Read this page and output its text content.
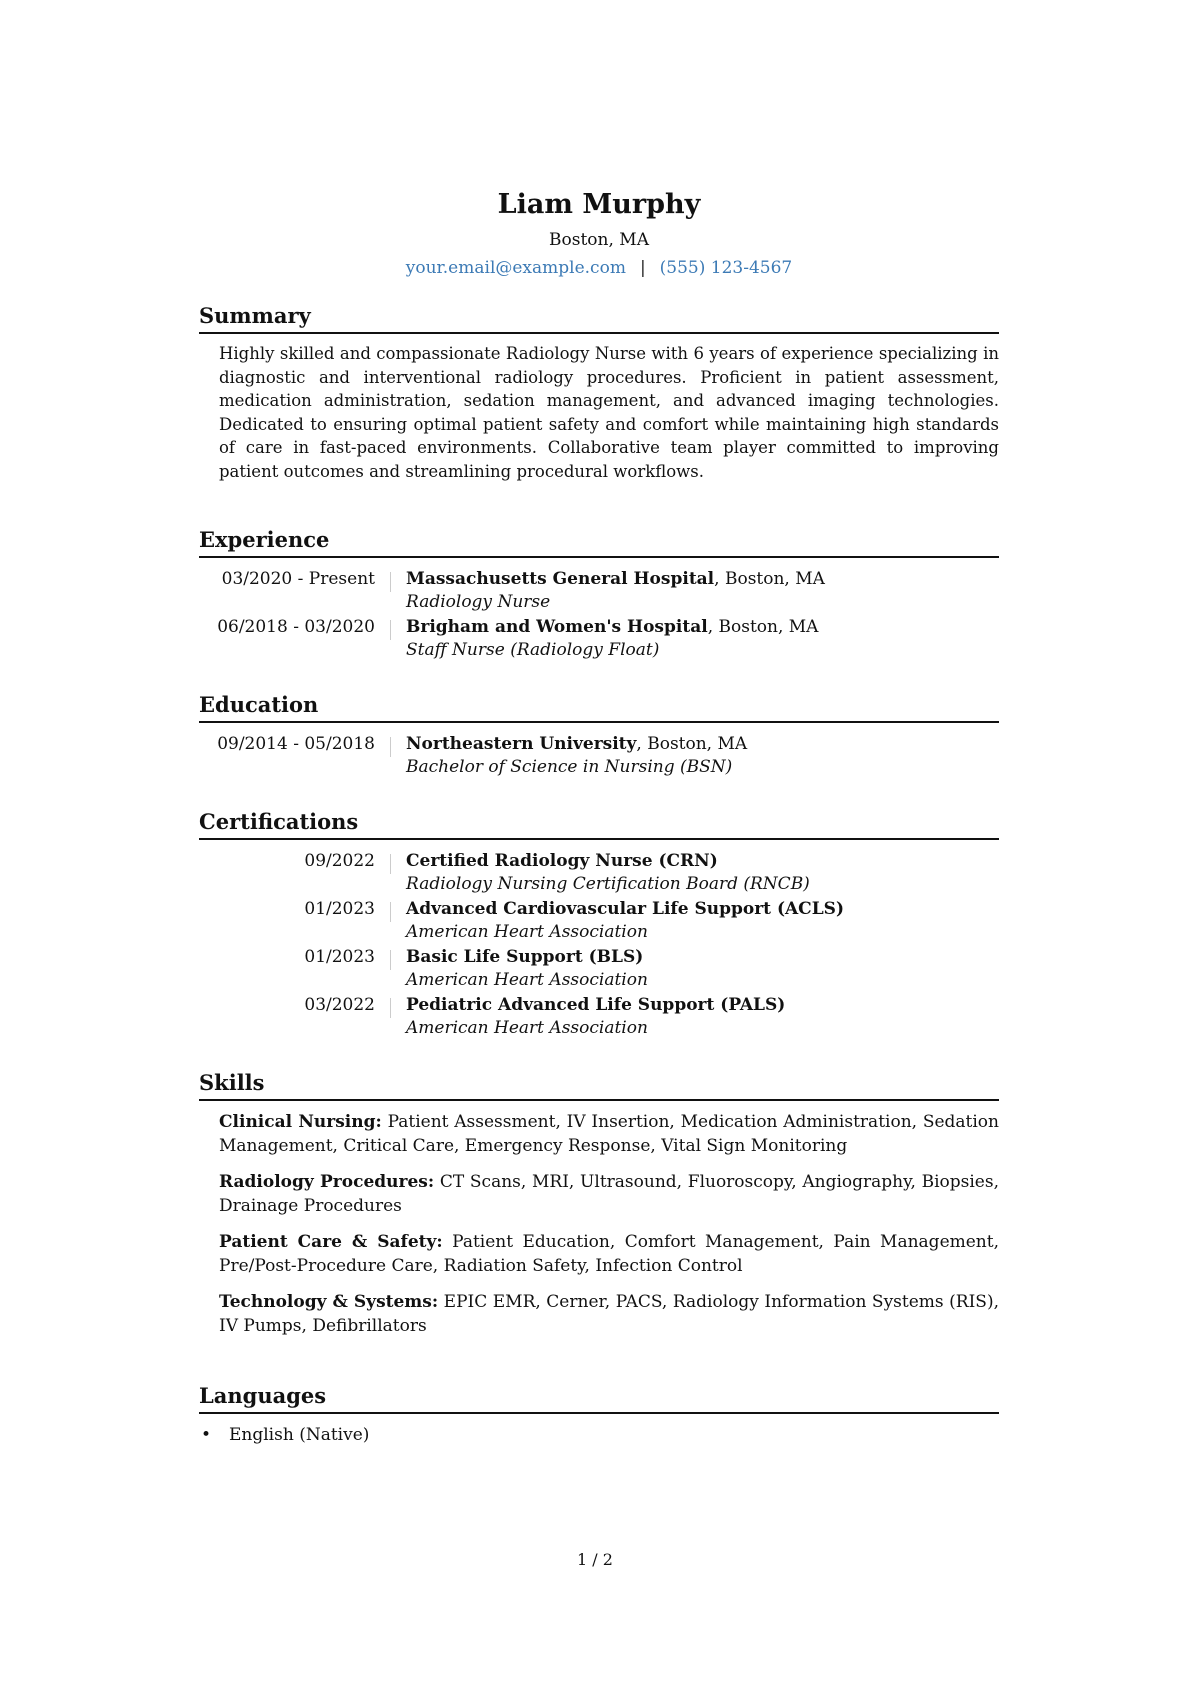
Liam Murphy
Boston, MA
your.email@example.com | (555) 123-4567
Summary

Highly skilled and compassionate Radiology Nurse with 6 years of experience specializing in diagnostic and interventional radiology procedures. Proficient in patient assessment, medication administration, sedation management, and advanced imaging technologies. Dedicated to ensuring optimal patient safety and comfort while maintaining high standards of care in fast-paced environments. Collaborative team player committed to improving patient outcomes and streamlining procedural workflows.

Experience
03/2020 - Present Massachusetts General Hospital, Boston, MA
Radiology Nurse
06/2018 - 03/2020 Brigham and Women's Hospital, Boston, MA
Staff Nurse (Radiology Float)
Education
09/2014 - 05/2018 Northeastern University, Boston, MA
Bachelor of Science in Nursing (BSN)
Certifications
09/2022 Certified Radiology Nurse (CRN)
Radiology Nursing Certification Board (RNCB)
01/2023 Advanced Cardiovascular Life Support (ACLS)
American Heart Association
01/2023 Basic Life Support (BLS)
American Heart Association
03/2022 Pediatric Advanced Life Support (PALS)
American Heart Association
Skills
Clinical Nursing: Patient Assessment, IV Insertion, Medication Administration, Sedation Management, Critical Care, Emergency Response, Vital Sign Monitoring
Radiology Procedures: CT Scans, MRI, Ultrasound, Fluoroscopy, Angiography, Biopsies, Drainage Procedures
Patient Care & Safety: Patient Education, Comfort Management, Pain Management, Pre/Post-Procedure Care, Radiation Safety, Infection Control
Technology & Systems: EPIC EMR, Cerner, PACS, Radiology Information Systems (RIS), IV Pumps, Defibrillators
Languages
• English (Native)
1 / 2
